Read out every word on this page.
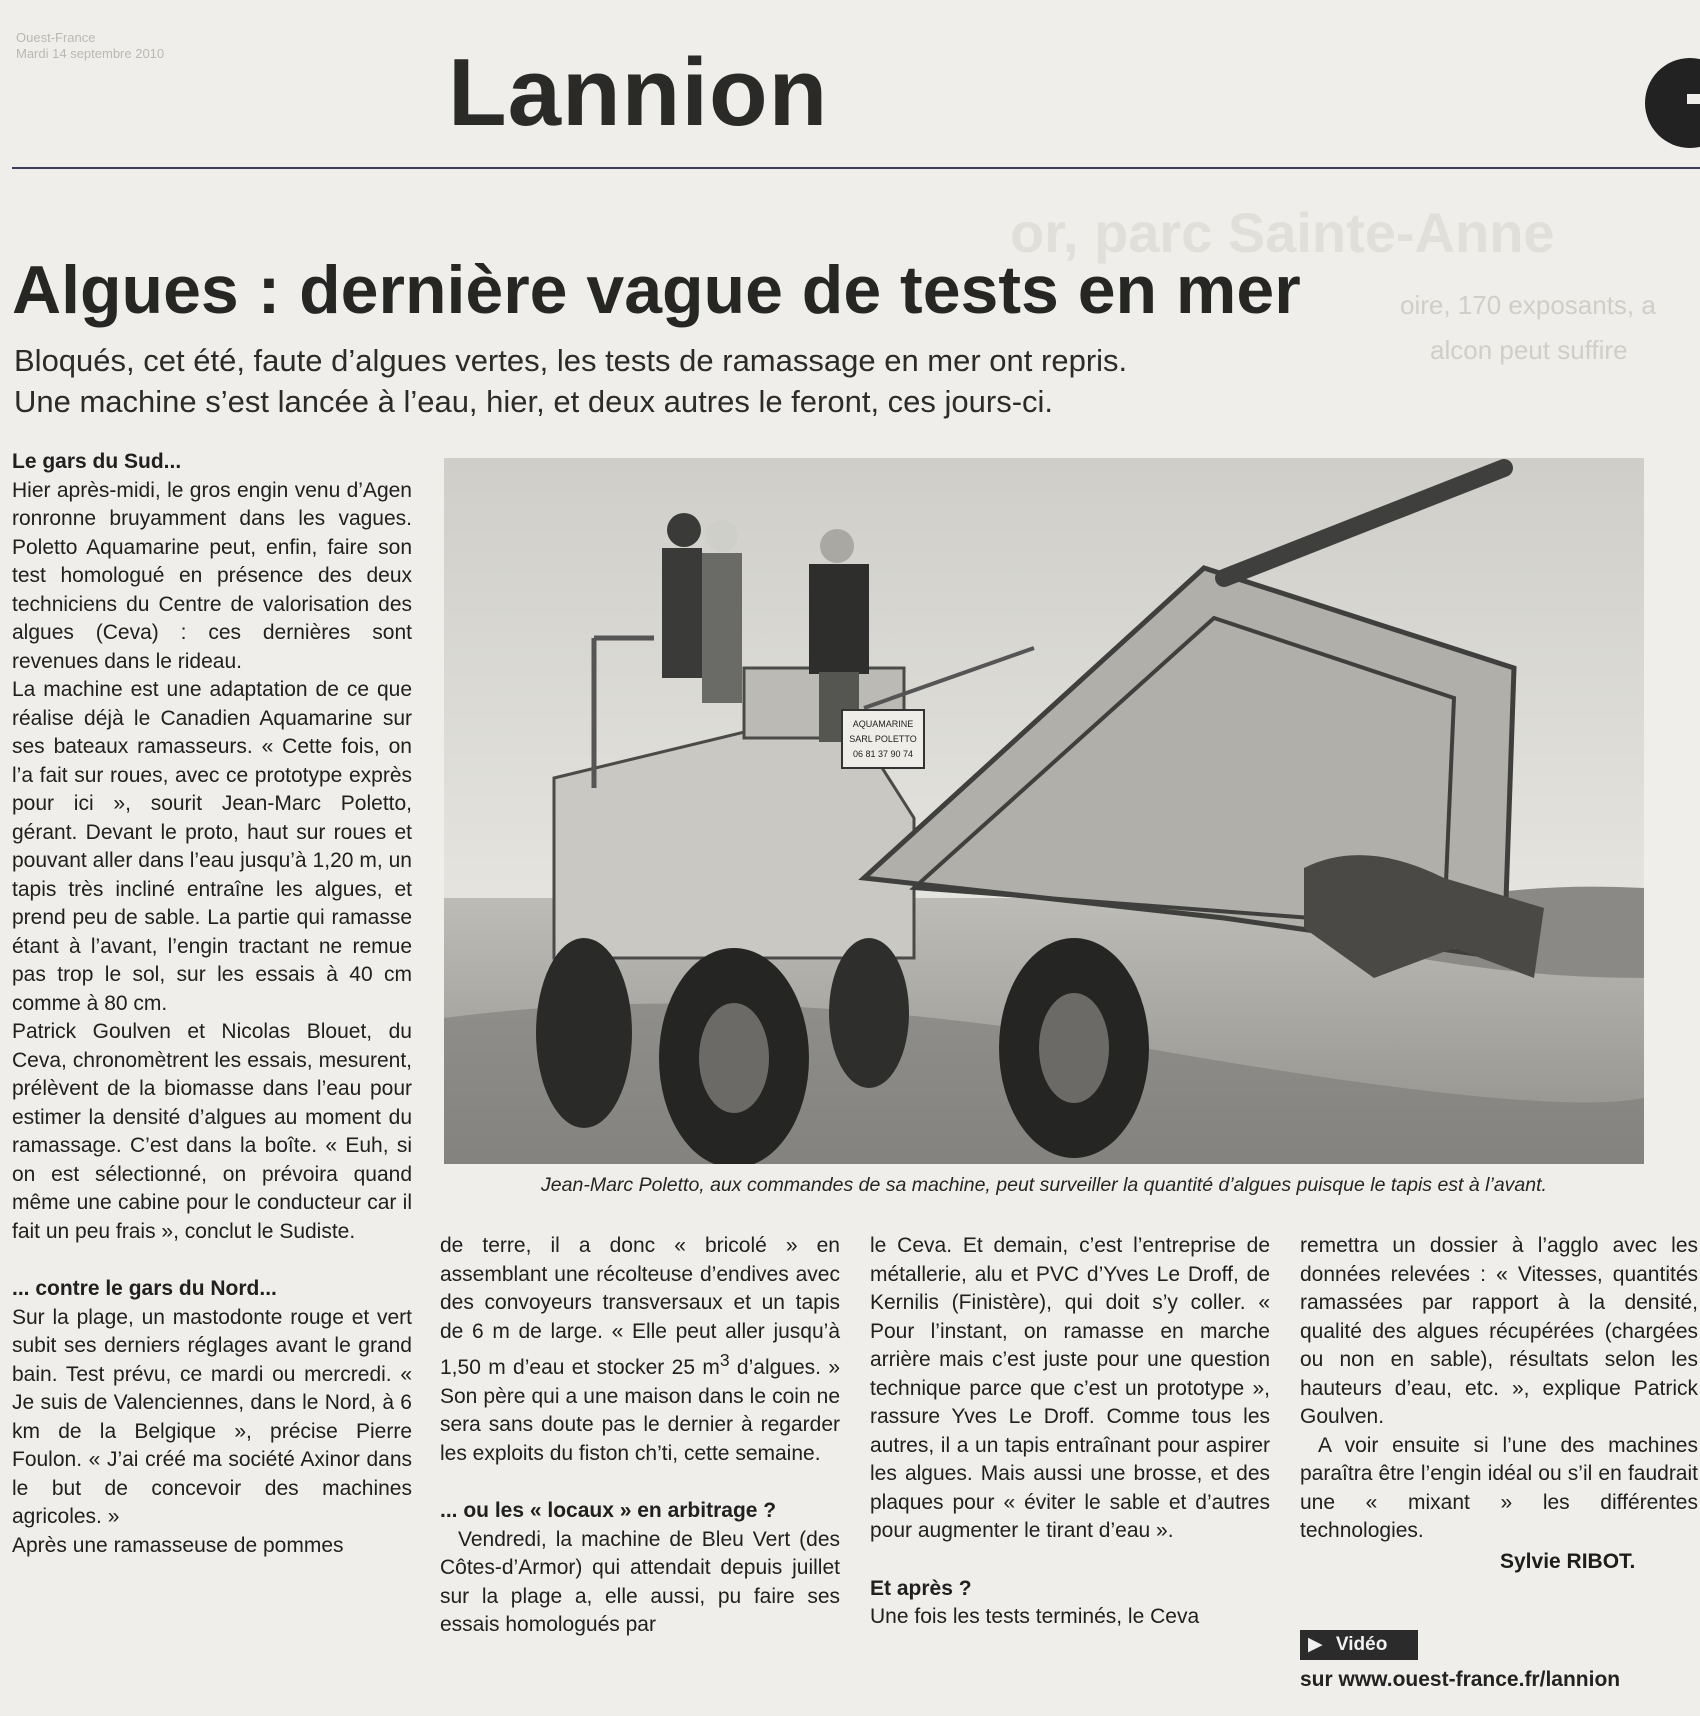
Ouest-France
Mardi 14 septembre 2010	Lannion
or, parc Sainte-Anne
oire, 170 exposants, a
alcon peut suffire
Algues : dernière vague de tests en mer
Bloqués, cet été, faute d’algues vertes, les tests de ramassage en mer ont repris.
Une machine s’est lancée à l’eau, hier, et deux autres le feront, ces jours-ci.

Le gars du Sud...

Hier après-midi, le gros engin venu d’Agen ronronne bruyamment dans les vagues. Poletto Aquamarine peut, enfin, faire son test homologué en présence des deux techniciens du Centre de valorisation des algues (Ceva) : ces dernières sont revenues dans le rideau.

La machine est une adaptation de ce que réalise déjà le Canadien Aquamarine sur ses bateaux ramasseurs. « Cette fois, on l’a fait sur roues, avec ce prototype exprès pour ici », sourit Jean-Marc Poletto, gérant. Devant le proto, haut sur roues et pouvant aller dans l’eau jusqu’à 1,20 m, un tapis très incliné entraîne les algues, et prend peu de sable. La partie qui ramasse étant à l’avant, l’engin tractant ne remue pas trop le sol, sur les essais à 40 cm comme à 80 cm.

Patrick Goulven et Nicolas Blouet, du Ceva, chronomètrent les essais, mesurent, prélèvent de la biomasse dans l’eau pour estimer la densité d’algues au moment du ramassage. C’est dans la boîte. « Euh, si on est sélectionné, on prévoira quand même une cabine pour le conducteur car il fait un peu frais », conclut le Sudiste.

... contre le gars du Nord...

Sur la plage, un mastodonte rouge et vert subit ses derniers réglages avant le grand bain. Test prévu, ce mardi ou mercredi. « Je suis de Valenciennes, dans le Nord, à 6 km de la Belgique », précise Pierre Foulon. « J’ai créé ma société Axinor dans le but de concevoir des machines agricoles. »

Après une ramasseuse de pommes

AQUAMARINE
SARL POLETTO
06 81 37 90 74
Jean-Marc Poletto, aux commandes de sa machine, peut surveiller la quantité d’algues puisque le tapis est à l’avant.

de terre, il a donc « bricolé » en assemblant une récolteuse d’endives avec des convoyeurs transversaux et un tapis de 6 m de large. « Elle peut aller jusqu’à 1,50 m d’eau et stocker 25 $m^3$ d’algues. » Son père qui a une maison dans le coin ne sera sans doute pas le dernier à regarder les exploits du fiston ch’ti, cette semaine.

... ou les « locaux » en arbitrage ?

Vendredi, la machine de Bleu Vert (des Côtes-d’Armor) qui attendait depuis juillet sur la plage a, elle aussi, pu faire ses essais homologués par

le Ceva. Et demain, c’est l’entreprise de métallerie, alu et PVC d’Yves Le Droff, de Kernilis (Finistère), qui doit s’y coller. « Pour l’instant, on ramasse en marche arrière mais c’est juste pour une question technique parce que c’est un prototype », rassure Yves Le Droff. Comme tous les autres, il a un tapis entraînant pour aspirer les algues. Mais aussi une brosse, et des plaques pour « éviter le sable et d’autres pour augmenter le tirant d’eau ».

Et après ?

Une fois les tests terminés, le Ceva

remettra un dossier à l’agglo avec les données relevées : « Vitesses, quantités ramassées par rapport à la densité, qualité des algues récupérées (chargées ou non en sable), résultats selon les hauteurs d’eau, etc. », explique Patrick Goulven.

A voir ensuite si l’une des machines paraîtra être l’engin idéal ou s’il en faudrait une « mixant » les différentes technologies.

Sylvie RIBOT.
▶ Vidéo
sur www.ouest-france.fr/lannion
